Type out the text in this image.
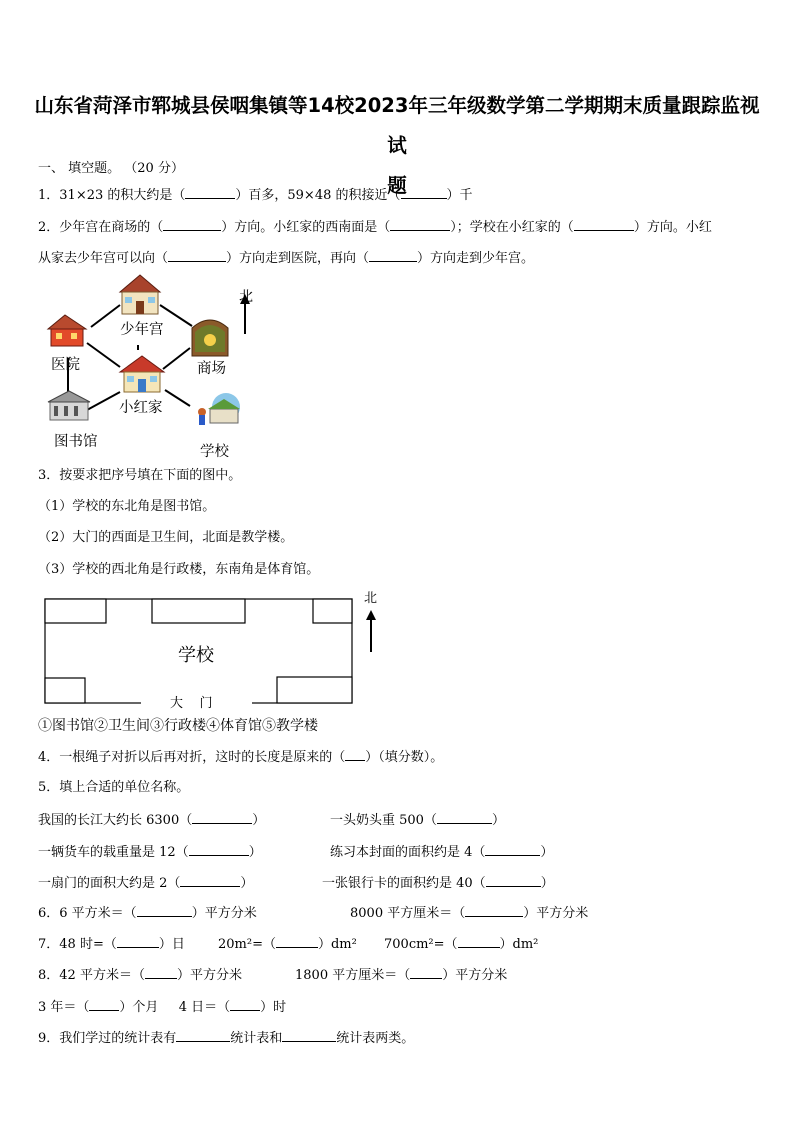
山东省菏泽市郓城县侯咽集镇等14校2023年三年级数学第二学期期末质量跟踪监视试
题
一、 填空题。 （20 分）
1．31×23 的积大约是（	）百多，59×48 的积接近（	）千
2．少年宫在商场的（	）方向。小红家的西南面是（	）；学校在小红家的（	）方向。小红
从家去少年宫可以向（	）方向走到医院，再向（	）方向走到少年宫。
北
少年宫
医院	商场
小红家
图书馆
学校
3．按要求把序号填在下面的图中。
（1）学校的东北角是图书馆。
（2）大门的西面是卫生间，北面是教学楼。
（3）学校的西北角是行政楼，东南角是体育馆。
学校
大    门
北
①图书馆②卫生间③行政楼④体育馆⑤教学楼
4．一根绳子对折以后再对折，这时的长度是原来的（ ）（填分数）。
5．填上合适的单位名称。
我国的长江大约长 6300（	）	一头奶头重 500（	）
一辆货车的载重量是 12（	）	练习本封面的面积约是 4（	）
一扇门的面积大约是 2（	）	一张银行卡的面积约是 40（	）
6．6 平方米＝（	）平方分米	8000 平方厘米＝（	）平方分米
7．48 时=（	）日	20m²=（	）dm² 700cm²=（	）dm²
8．42 平方米＝（ ）平方分米	1800 平方厘米＝（ ）平方分米
3 年＝（ ）个月 4 日＝（ ）时
9．我们学过的统计表有	统计表和	统计表两类。
